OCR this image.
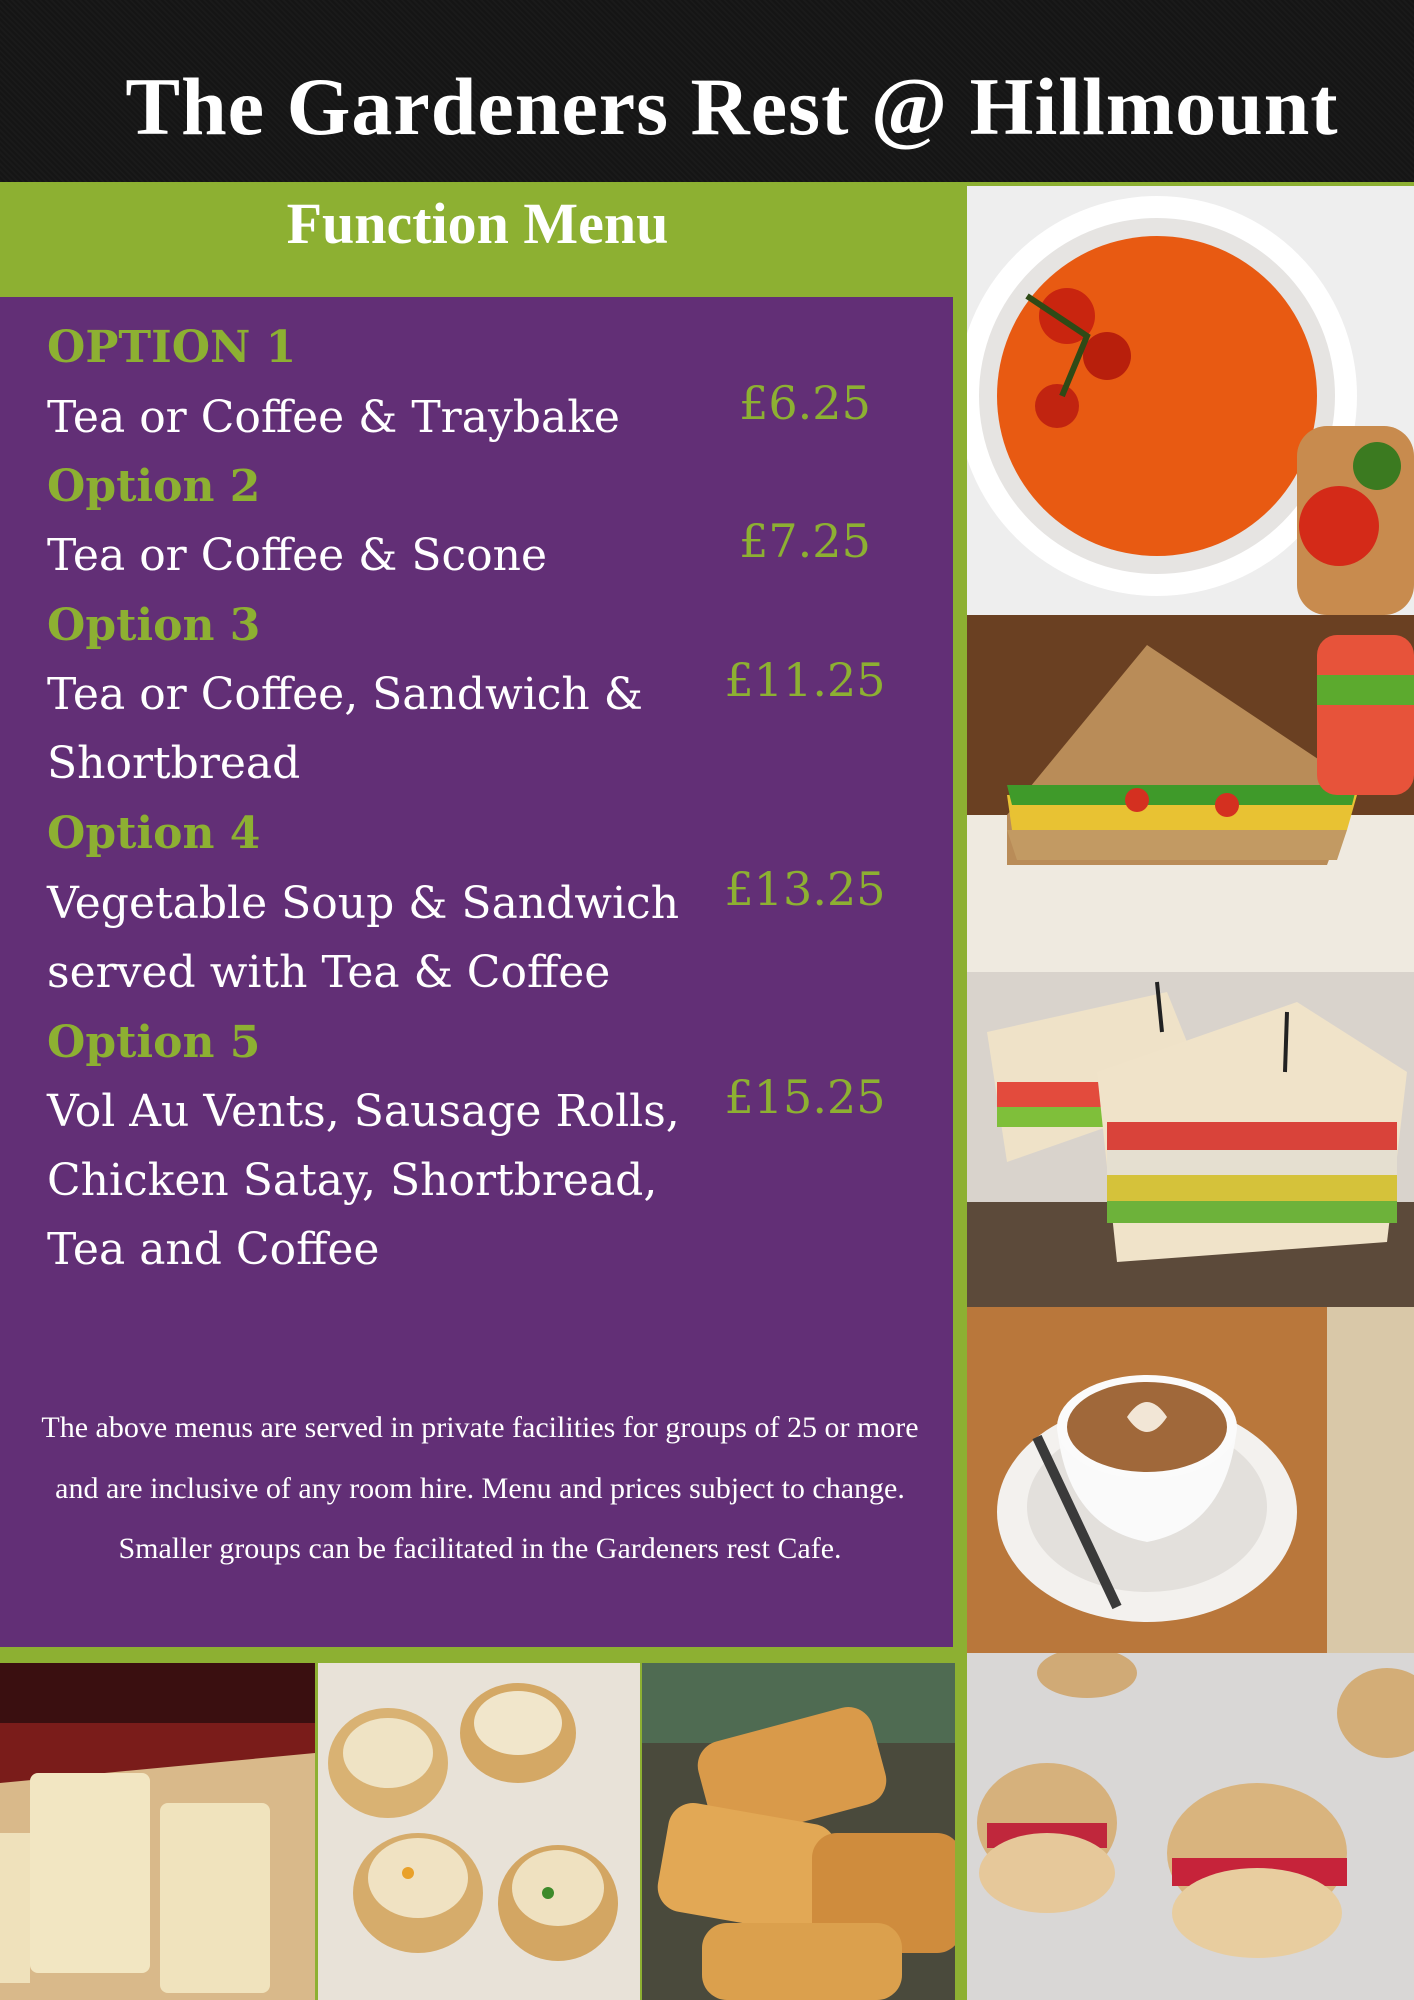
The Gardeners Rest @ Hillmount
Function Menu
OPTION 1
Tea or Coffee & Traybake	£6.25
Option 2
Tea or Coffee & Scone	£7.25
Option 3
Tea or Coffee, Sandwich & Shortbread
£11.25
Option 4
Vegetable Soup & Sandwich served with Tea & Coffee
£13.25
Option 5
Vol Au Vents, Sausage Rolls, Chicken Satay, Shortbread, Tea and Coffee
£15.25

The above menus are served in private facilities for groups of 25 or more and are inclusive of any room hire. Menu and prices subject to change. Smaller groups can be facilitated in the Gardeners rest Cafe.
